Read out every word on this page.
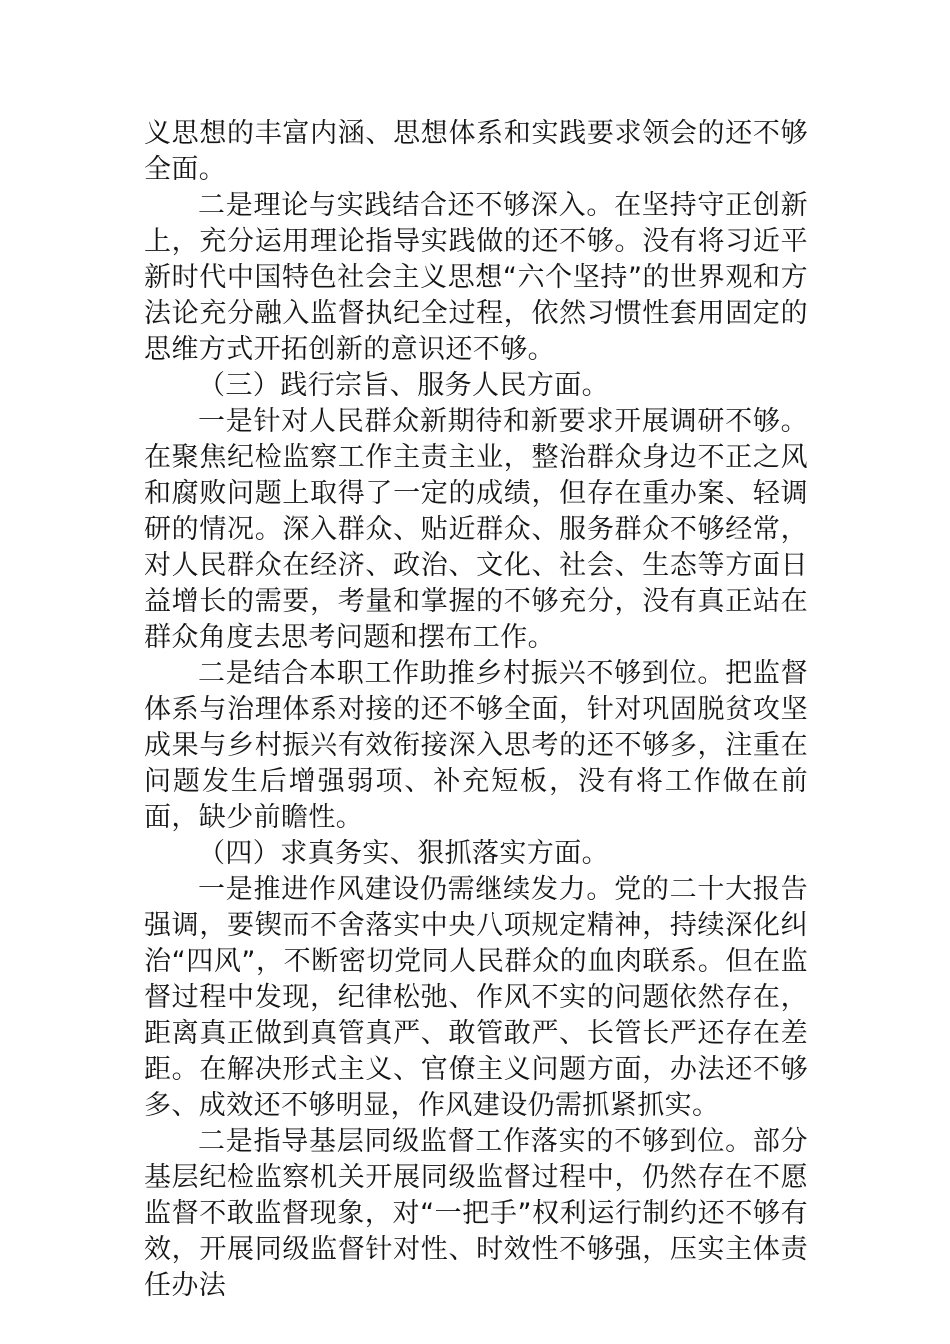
义思想的丰富内涵、思想体系和实践要求领会的还不够全面。

二是理论与实践结合还不够深入。在坚持守正创新上，充分运用理论指导实践做的还不够。没有将习近平新时代中国特色社会主义思想“六个坚持”的世界观和方法论充分融入监督执纪全过程，依然习惯性套用固定的思维方式开拓创新的意识还不够。

（三）践行宗旨、服务人民方面。

一是针对人民群众新期待和新要求开展调研不够。在聚焦纪检监察工作主责主业，整治群众身边不正之风和腐败问题上取得了一定的成绩，但存在重办案、轻调研的情况。深入群众、贴近群众、服务群众不够经常，对人民群众在经济、政治、文化、社会、生态等方面日益增长的需要，考量和掌握的不够充分，没有真正站在群众角度去思考问题和摆布工作。

二是结合本职工作助推乡村振兴不够到位。把监督体系与治理体系对接的还不够全面，针对巩固脱贫攻坚成果与乡村振兴有效衔接深入思考的还不够多，注重在问题发生后增强弱项、补充短板，没有将工作做在前面，缺少前瞻性。

（四）求真务实、狠抓落实方面。

一是推进作风建设仍需继续发力。党的二十大报告强调，要锲而不舍落实中央八项规定精神，持续深化纠治“四风”，不断密切党同人民群众的血肉联系。但在监督过程中发现，纪律松弛、作风不实的问题依然存在，距离真正做到真管真严、敢管敢严、长管长严还存在差距。在解决形式主义、官僚主义问题方面，办法还不够多、成效还不够明显，作风建设仍需抓紧抓实。

二是指导基层同级监督工作落实的不够到位。部分基层纪检监察机关开展同级监督过程中，仍然存在不愿监督不敢监督现象，对“一把手”权利运行制约还不够有效，开展同级监督针对性、时效性不够强，压实主体责任办法
